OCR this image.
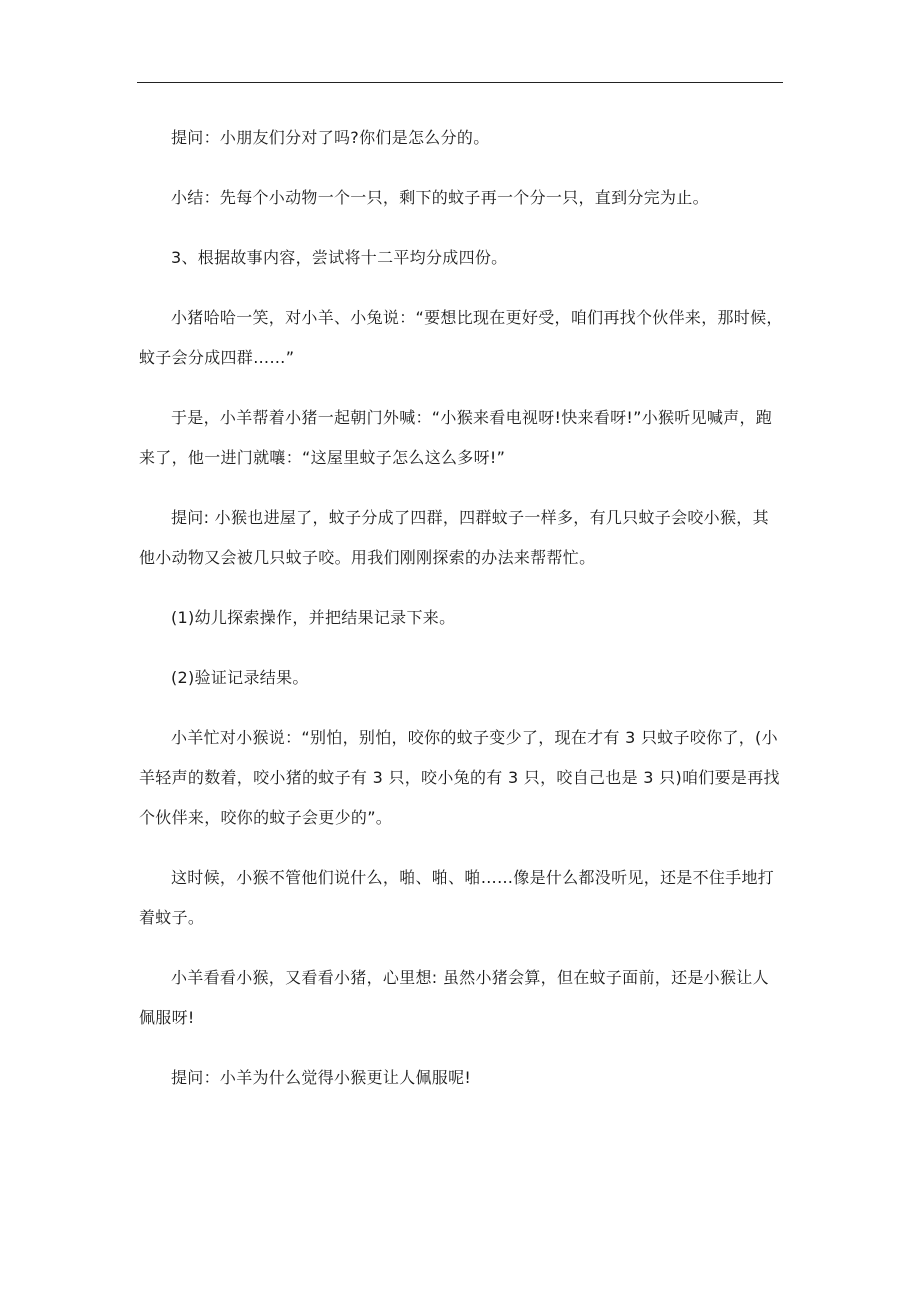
提问：小朋友们分对了吗?你们是怎么分的。

小结：先每个小动物一个一只，剩下的蚊子再一个分一只，直到分完为止。

3、根据故事内容，尝试将十二平均分成四份。

小猪哈哈一笑，对小羊、小兔说：“要想比现在更好受，咱们再找个伙伴来，那时候，蚊子会分成四群……”

于是，小羊帮着小猪一起朝门外喊：“小猴来看电视呀!快来看呀!”小猴听见喊声，跑来了，他一进门就嚷：“这屋里蚊子怎么这么多呀!”

提问: 小猴也进屋了，蚊子分成了四群，四群蚊子一样多，有几只蚊子会咬小猴，其他小动物又会被几只蚊子咬。用我们刚刚探索的办法来帮帮忙。

(1)幼儿探索操作，并把结果记录下来。

(2)验证记录结果。

小羊忙对小猴说：“别怕，别怕，咬你的蚊子变少了，现在才有 3 只蚊子咬你了，(小羊轻声的数着，咬小猪的蚊子有 3 只，咬小兔的有 3 只，咬自己也是 3 只)咱们要是再找个伙伴来，咬你的蚊子会更少的”。

这时候，小猴不管他们说什么，啪、啪、啪……像是什么都没听见，还是不住手地打着蚊子。

小羊看看小猴，又看看小猪，心里想: 虽然小猪会算，但在蚊子面前，还是小猴让人佩服呀!

提问：小羊为什么觉得小猴更让人佩服呢!
